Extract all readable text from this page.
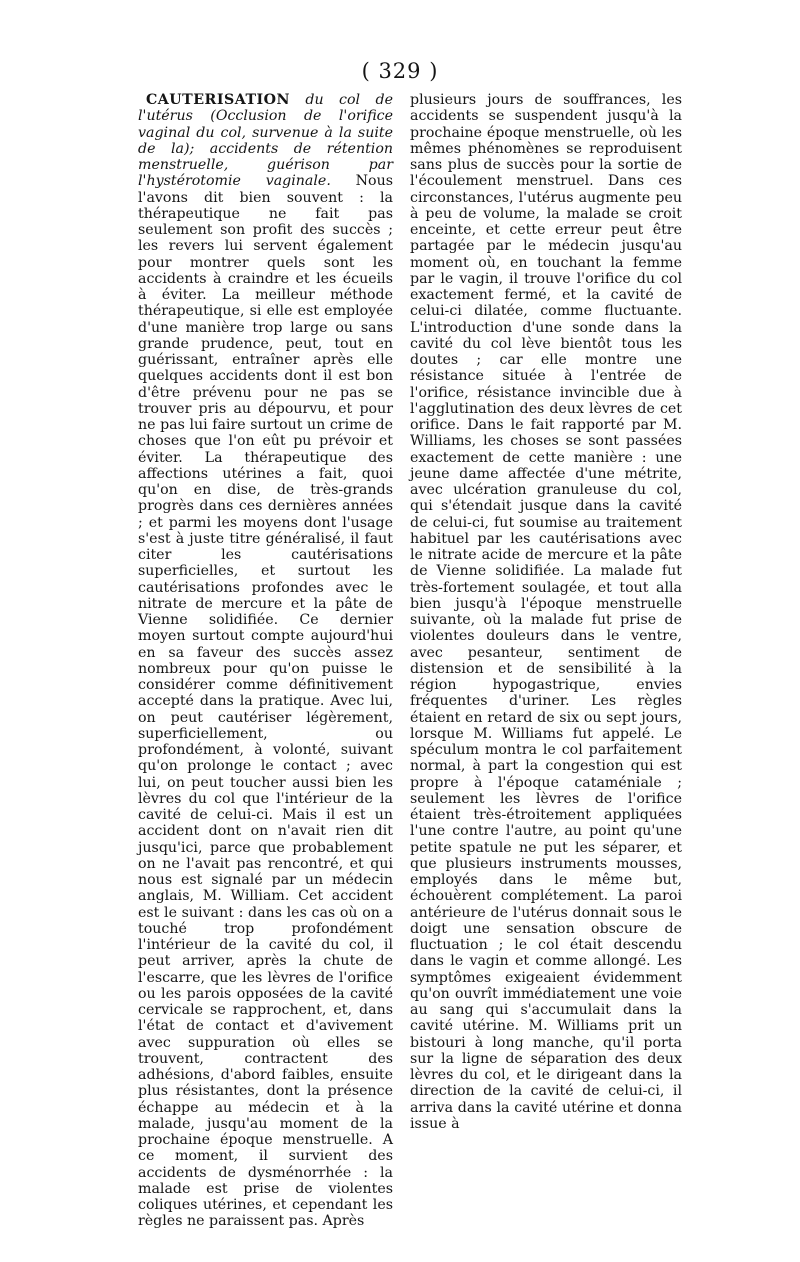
( 329 )

CAUTERISATION du col de l'utérus (Occlusion de l'orifice vaginal du col, survenue à la suite de la); accidents de rétention menstruelle, guérison par l'hystérotomie vaginale. Nous l'avons dit bien souvent : la thérapeutique ne fait pas seulement son profit des succès ; les revers lui servent également pour montrer quels sont les accidents à craindre et les écueils à éviter. La meilleur méthode thérapeutique, si elle est employée d'une manière trop large ou sans grande prudence, peut, tout en guérissant, entraîner après elle quelques accidents dont il est bon d'être prévenu pour ne pas se trouver pris au dépourvu, et pour ne pas lui faire surtout un crime de choses que l'on eût pu prévoir et éviter. La thérapeutique des affections utérines a fait, quoi qu'on en dise, de très-grands progrès dans ces dernières années ; et parmi les moyens dont l'usage s'est à juste titre généralisé, il faut citer les cautérisations superficielles, et surtout les cautérisations profondes avec le nitrate de mercure et la pâte de Vienne solidifiée. Ce dernier moyen surtout compte aujourd'hui en sa faveur des succès assez nombreux pour qu'on puisse le considérer comme définitivement accepté dans la pratique. Avec lui, on peut cautériser légèrement, superficiellement, ou profondément, à volonté, suivant qu'on prolonge le contact ; avec lui, on peut toucher aussi bien les lèvres du col que l'intérieur de la cavité de celui-ci. Mais il est un accident dont on n'avait rien dit jusqu'ici, parce que probablement on ne l'avait pas rencontré, et qui nous est signalé par un médecin anglais, M. William. Cet accident est le suivant : dans les cas où on a touché trop profondément l'intérieur de la cavité du col, il peut arriver, après la chute de l'escarre, que les lèvres de l'orifice ou les parois opposées de la cavité cervicale se rapprochent, et, dans l'état de contact et d'avivement avec suppuration où elles se trouvent, contractent des adhésions, d'abord faibles, ensuite plus résistantes, dont la présence échappe au médecin et à la malade, jusqu'au moment de la prochaine époque menstruelle. A ce moment, il survient des accidents de dysménorrhée : la malade est prise de violentes coliques utérines, et cependant les règles ne paraissent pas. Après

plusieurs jours de souffrances, les accidents se suspendent jusqu'à la prochaine époque menstruelle, où les mêmes phénomènes se reproduisent sans plus de succès pour la sortie de l'écoulement menstruel. Dans ces circonstances, l'utérus augmente peu à peu de volume, la malade se croit enceinte, et cette erreur peut être partagée par le médecin jusqu'au moment où, en touchant la femme par le vagin, il trouve l'orifice du col exactement fermé, et la cavité de celui-ci dilatée, comme fluctuante. L'introduction d'une sonde dans la cavité du col lève bientôt tous les doutes ; car elle montre une résistance située à l'entrée de l'orifice, résistance invincible due à l'agglutination des deux lèvres de cet orifice. Dans le fait rapporté par M. Williams, les choses se sont passées exactement de cette manière : une jeune dame affectée d'une métrite, avec ulcération granuleuse du col, qui s'étendait jusque dans la cavité de celui-ci, fut soumise au traitement habituel par les cautérisations avec le nitrate acide de mercure et la pâte de Vienne solidifiée. La malade fut très-fortement soulagée, et tout alla bien jusqu'à l'époque menstruelle suivante, où la malade fut prise de violentes douleurs dans le ventre, avec pesanteur, sentiment de distension et de sensibilité à la région hypogastrique, envies fréquentes d'uriner. Les règles étaient en retard de six ou sept jours, lorsque M. Williams fut appelé. Le spéculum montra le col parfaitement normal, à part la congestion qui est propre à l'époque cataméniale ; seulement les lèvres de l'orifice étaient très-étroitement appliquées l'une contre l'autre, au point qu'une petite spatule ne put les séparer, et que plusieurs instruments mousses, employés dans le même but, échouèrent complétement. La paroi antérieure de l'utérus donnait sous le doigt une sensation obscure de fluctuation ; le col était descendu dans le vagin et comme allongé. Les symptômes exigeaient évidemment qu'on ouvrît immédiatement une voie au sang qui s'accumulait dans la cavité utérine. M. Williams prit un bistouri à long manche, qu'il porta sur la ligne de séparation des deux lèvres du col, et le dirigeant dans la direction de la cavité de celui-ci, il arriva dans la cavité utérine et donna issue à
